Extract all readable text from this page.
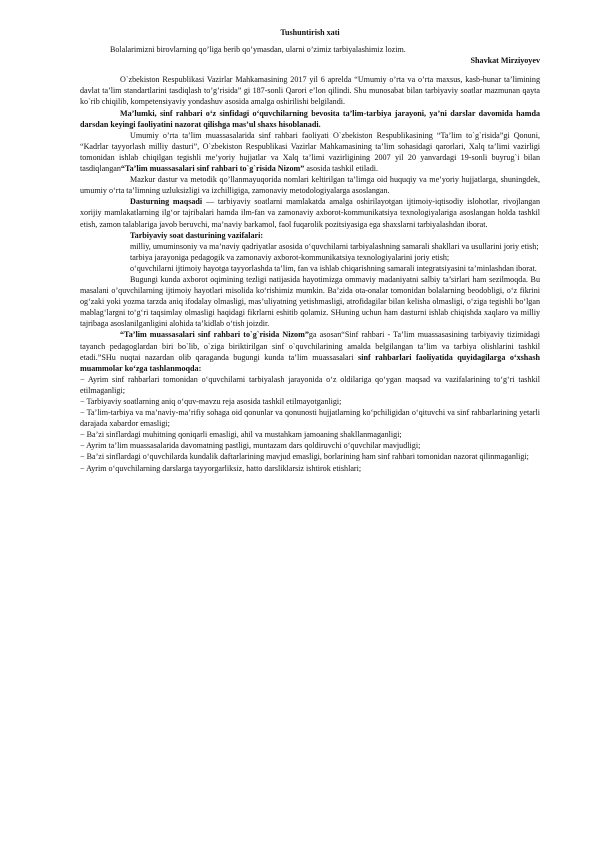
Tushuntirish xati

Bolalarimizni birovlarning qo’liga berib qo’ymasdan, ularni o’zimiz tarbiyalashimiz lozim.

Shavkat Mirziyoyev

O`zbekiston Respublikasi Vazirlar Mahkamasining 2017 yil 6 aprelda “Umumiy o’rta va o’rta maxsus, kasb-hunar ta’limining davlat ta’lim standartlarini tasdiqlash to’g’risida” gi 187-sonli Qarori e’lon qilindi. Shu munosabat bilan tarbiyaviy soatlar mazmunan qayta ko`rib chiqilib, kompetensiyaviy yondashuv asosida amalga oshirilishi belgilandi.

Ma’lumki, sinf rahbari o‘z sinfidagi o‘quvchilarning bevosita ta’lim-tarbiya jarayoni, ya’ni darslar davomida hamda darsdan keyingi faoliyatini nazorat qilishga mas’ul shaxs hisoblanadi.

Umumiy o’rta ta’lim muassasalarida sinf rahbari faoliyati O`zbekiston Respublikasining “Ta’lim to`g`risida”gi Qonuni, “Kadrlar tayyorlash milliy dasturi”, O`zbekiston Respublikasi Vazirlar Mahkamasining ta’lim sohasidagi qarorlari, Xalq ta’limi vazirligi tomonidan ishlab chiqilgan tegishli me’yoriy hujjatlar va Xalq ta’limi vazirligining 2007 yil 20 yanvardagi 19-sonli buyrug`i bilan tasdiqlangan“Ta’lim muassasalari sinf rahbari to`g`risida Nizom” asosida tashkil etiladi.

Mazkur dastur va metodik qo’llanmayuqorida nomlari keltirilgan ta’limga oid huquqiy va me’yoriy hujjatlarga, shuningdek, umumiy o‘rta ta’limning uzluksizligi va izchilligiga, zamonaviy metodologiyalarga asoslangan.

Dasturning maqsadi — tarbiyaviy soatlarni mamlakatda amalga oshirilayotgan ijtimoiy-iqtisodiy islohotlar, rivojlangan xorijiy mamlakatlarning ilg‘or tajribalari hamda ilm-fan va zamonaviy axborot-kommunikatsiya texnologiyalariga asoslangan holda tashkil etish, zamon talablariga javob beruvchi, ma’naviy barkamol, faol fuqarolik pozitsiyasiga ega shaxslarni tarbiyalashdan iborat.

Tarbiyaviy soat dasturining vazifalari:

milliy, umuminsoniy va ma’naviy qadriyatlar asosida o‘quvchilarni tarbiyalashning samarali shakllari va usullarini joriy etish;

tarbiya jarayoniga pedagogik va zamonaviy axborot-kommunikatsiya texnologiyalarini joriy etish;

o‘quvchilarni ijtimoiy hayotga tayyorlashda ta’lim, fan va ishlab chiqarishning samarali integratsiyasini ta’minlashdan iborat.

Bugungi kunda axborot oqimining tezligi natijasida hayotimizga ommaviy madaniyatni salbiy ta’sirlari ham sezilmoqda. Bu masalani o’quvchilarning ijtimoiy hayotlari misolida ko‘rishimiz mumkin. Ba’zida ota-onalar tomonidan bolalarning beodobligi, o‘z fikrini og‘zaki yoki yozma tarzda aniq ifodalay olmasligi, mas’uliyatning yetishmasligi, atrofidagilar bilan kelisha olmasligi, o‘ziga tegishli bo‘lgan mablag‘largni to‘g‘ri taqsimlay olmasligi haqidagi fikrlarni eshitib qolamiz. SHuning uchun ham dasturni ishlab chiqishda xaqlaro va milliy tajribaga asoslanilganligini alohida ta’kidlab o‘tish joizdir.

“Ta’lim muassasalari sinf rahbari to`g`risida Nizom”ga asosan“Sinf rahbari - Ta’lim muassasasining tarbiyaviy tizimidagi tayanch pedagoglardan biri bo`lib, o`ziga biriktirilgan sinf o`quvchilarining amalda belgilangan ta’lim va tarbiya olishlarini tashkil etadi.”SHu nuqtai nazardan olib qaraganda bugungi kunda ta’lim muassasalari sinf rahbarlari faoliyatida quyidagilarga o‘xshash muammolar ko‘zga tashlanmoqda:

− Ayrim sinf rahbarlari tomonidan o‘quvchilarni tarbiyalash jarayonida o‘z oldilariga qo‘ygan maqsad va vazifalarining to‘g‘ri tashkil etilmaganligi;
− Tarbiyaviy soatlarning aniq o‘quv-mavzu reja asosida tashkil etilmayotganligi;
− Ta’lim-tarbiya va ma’naviy-ma’rifiy sohaga oid qonunlar va qonunosti hujjatlarning ko‘pchiligidan o‘qituvchi va sinf rahbarlarining yetarli darajada xabardor emasligi;
− Ba’zi sinflardagi muhitning qoniqarli emasligi, ahil va mustahkam jamoaning shakllanmaganligi;
− Ayrim ta’lim muassasalarida davomatning pastligi, muntazam dars qoldiruvchi o‘quvchilar mavjudligi;
− Ba’zi sinflardagi o‘quvchilarda kundalik daftarlarining mavjud emasligi, borlarining ham sinf rahbari tomonidan nazorat qilinmaganligi;
− Ayrim o‘quvchilarning darslarga tayyorgarliksiz, hatto darsliklarsiz ishtirok etishlari;
